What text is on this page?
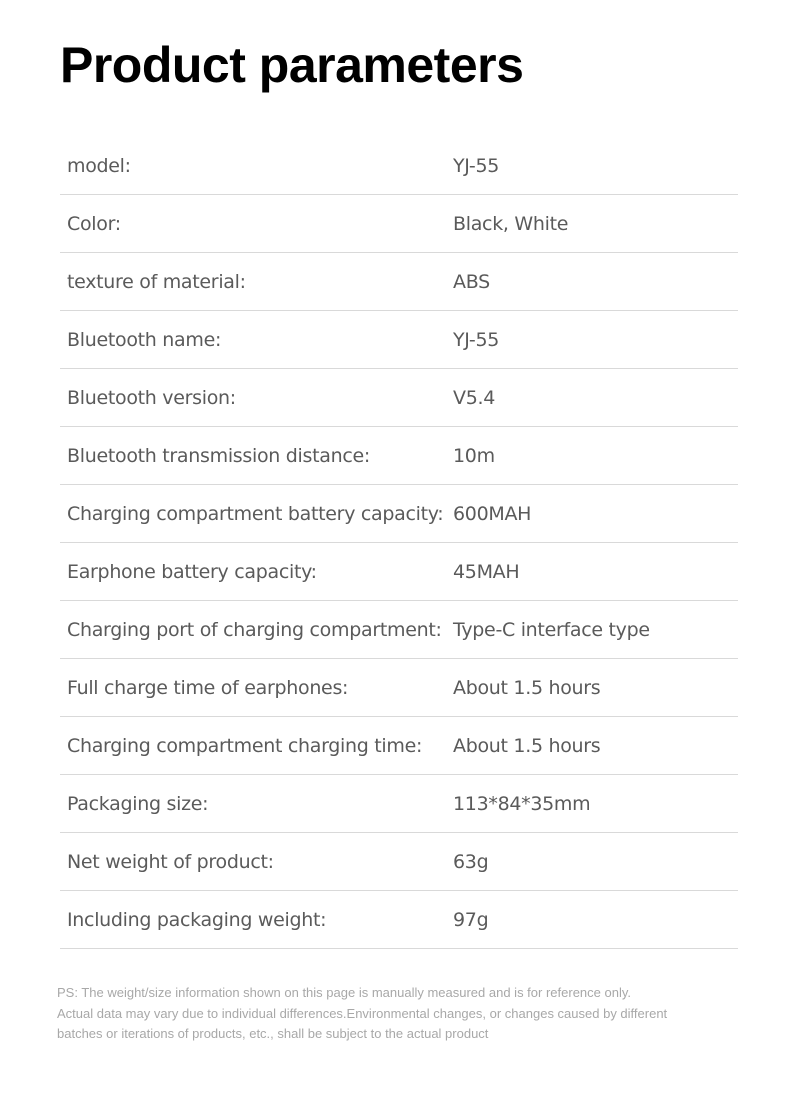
Product parameters
model:	YJ-55
Color:	Black, White
texture of material:	ABS
Bluetooth name:	YJ-55
Bluetooth version:	V5.4
Bluetooth transmission distance:	10m
Charging compartment battery capacity: 600MAH
Earphone battery capacity:	45MAH
Charging port of charging compartment: Type-C interface type
Full charge time of earphones:	About 1.5 hours
Charging compartment charging time: About 1.5 hours
Packaging size:	113*84*35mm
Net weight of product:	63g
Including packaging weight:	97g

PS: The weight/size information shown on this page is manually measured and is for reference only.

Actual data may vary due to individual differences.Environmental changes, or changes caused by different

batches or iterations of products, etc., shall be subject to the actual product
